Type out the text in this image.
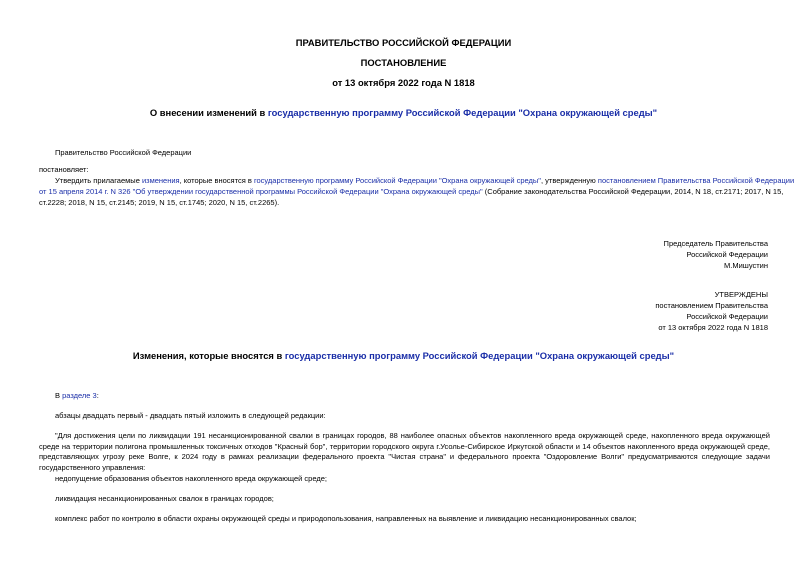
ПРАВИТЕЛЬСТВО РОССИЙСКОЙ ФЕДЕРАЦИИ
ПОСТАНОВЛЕНИЕ
от 13 октября 2022 года N 1818
О внесении изменений в государственную программу Российской Федерации "Охрана окружающей среды"
Правительство Российской Федерации
постановляет:
Утвердить прилагаемые изменения, которые вносятся в государственную программу Российской Федерации "Охрана окружающей среды", утвержденную постановлением Правительства Российской Федерации
от 15 апреля 2014 г. N 326 "Об утверждении государственной программы Российской Федерации "Охрана окружающей среды" (Собрание законодательства Российской Федерации, 2014, N 18, ст.2171; 2017, N 15,
ст.2228; 2018, N 15, ст.2145; 2019, N 15, ст.1745; 2020, N 15, ст.2265).
Председатель Правительства
Российской Федерации
М.Мишустин
УТВЕРЖДЕНЫ
постановлением Правительства
Российской Федерации
от 13 октября 2022 года N 1818
Изменения, которые вносятся в государственную программу Российской Федерации "Охрана окружающей среды"
В разделе 3:
абзацы двадцать первый - двадцать пятый изложить в следующей редакции:
"Для достижения цели по ликвидации 191 несанкционированной свалки в границах городов, 88 наиболее опасных объектов накопленного вреда окружающей среде, накопленного вреда окружающей среде на территории полигона промышленных токсичных отходов "Красный бор", территории городского округа г.Усолье-Сибирское Иркутской области и 14 объектов накопленного вреда окружающей среде, представляющих угрозу реке Волге, к 2024 году в рамках реализации федерального проекта "Чистая страна" и федерального проекта "Оздоровление Волги" предусматриваются следующие задачи государственного управления:
недопущение образования объектов накопленного вреда окружающей среде;
ликвидация несанкционированных свалок в границах городов;
комплекс работ по контролю в области охраны окружающей среды и природопользования, направленных на выявление и ликвидацию несанкционированных свалок;
